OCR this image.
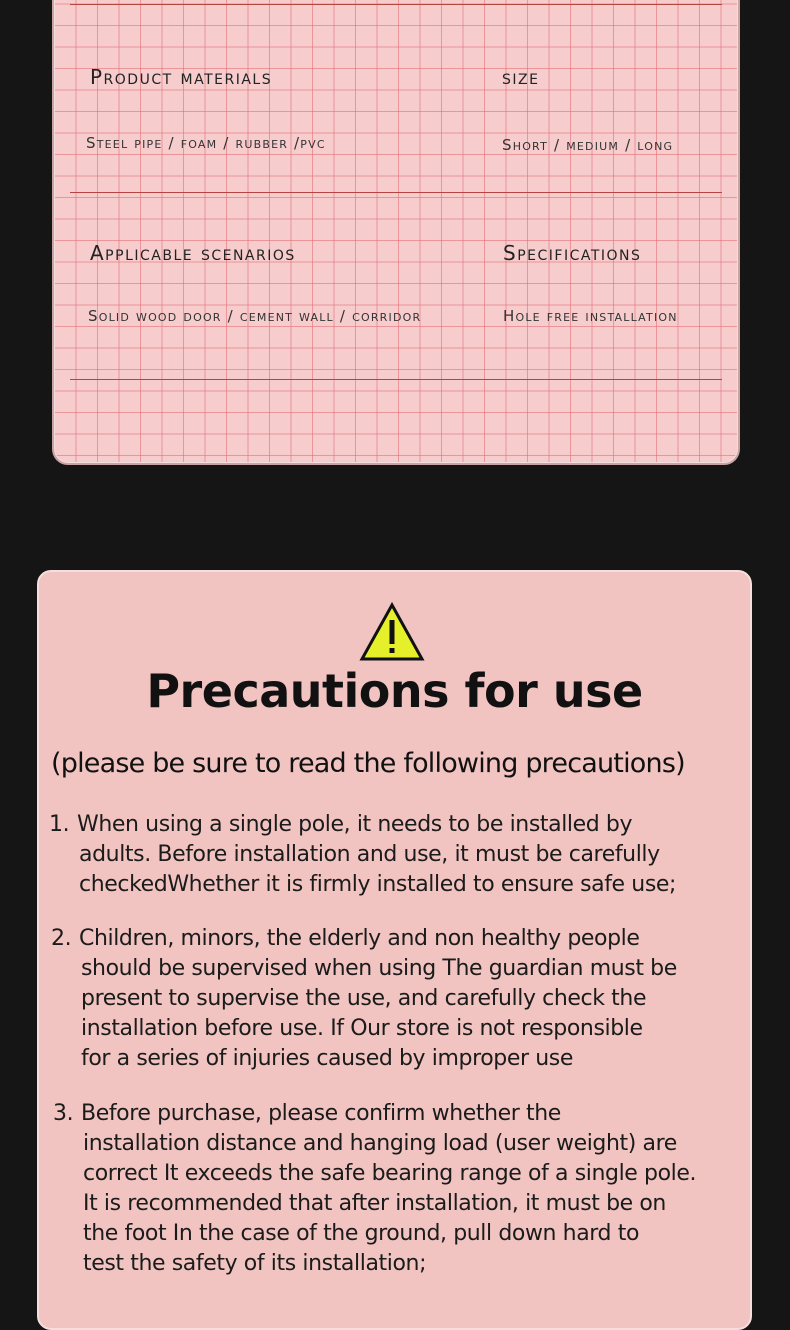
Product materials	size
Steel pipe / foam / rubber /pvc	Short / medium / long
Applicable scenarios	Specifications
Solid wood door / cement wall / corridor	Hole free installation
Precautions for use

(please be sure to read the following precautions)

1. When using a single pole, it needs to be installed by
adults. Before installation and use, it must be carefully
checkedWhether it is firmly installed to ensure safe use;
2. Children, minors, the elderly and non healthy people
should be supervised when using The guardian must be
present to supervise the use, and carefully check the
installation before use. If Our store is not responsible
for a series of injuries caused by improper use
3. Before purchase, please confirm whether the
installation distance and hanging load (user weight) are
correct It exceeds the safe bearing range of a single pole.
It is recommended that after installation, it must be on
the foot In the case of the ground, pull down hard to
test the safety of its installation;
